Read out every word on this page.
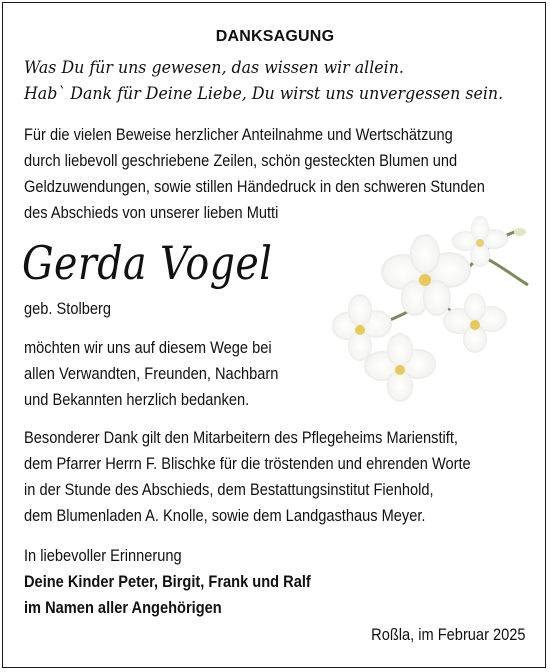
DANKSAGUNG
Was Du für uns gewesen, das wissen wir allein.
Hab` Dank für Deine Liebe, Du wirst uns unvergessen sein.
Für die vielen Beweise herzlicher Anteilnahme und Wertschätzung
durch liebevoll geschriebene Zeilen, schön gesteckten Blumen und
Geldzuwendungen, sowie stillen Händedruck in den schweren Stunden
des Abschieds von unserer lieben Mutti
Gerda Vogel
geb. Stolberg
möchten wir uns auf diesem Wege bei
allen Verwandten, Freunden, Nachbarn
und Bekannten herzlich bedanken.
Besonderer Dank gilt den Mitarbeitern des Pflegeheims Marienstift,
dem Pfarrer Herrn F. Blischke für die tröstenden und ehrenden Worte
in der Stunde des Abschieds, dem Bestattungsinstitut Fienhold,
dem Blumenladen A. Knolle, sowie dem Landgasthaus Meyer.
In liebevoller Erinnerung
Deine Kinder Peter, Birgit, Frank und Ralf
im Namen aller Angehörigen
Roßla, im Februar 2025
